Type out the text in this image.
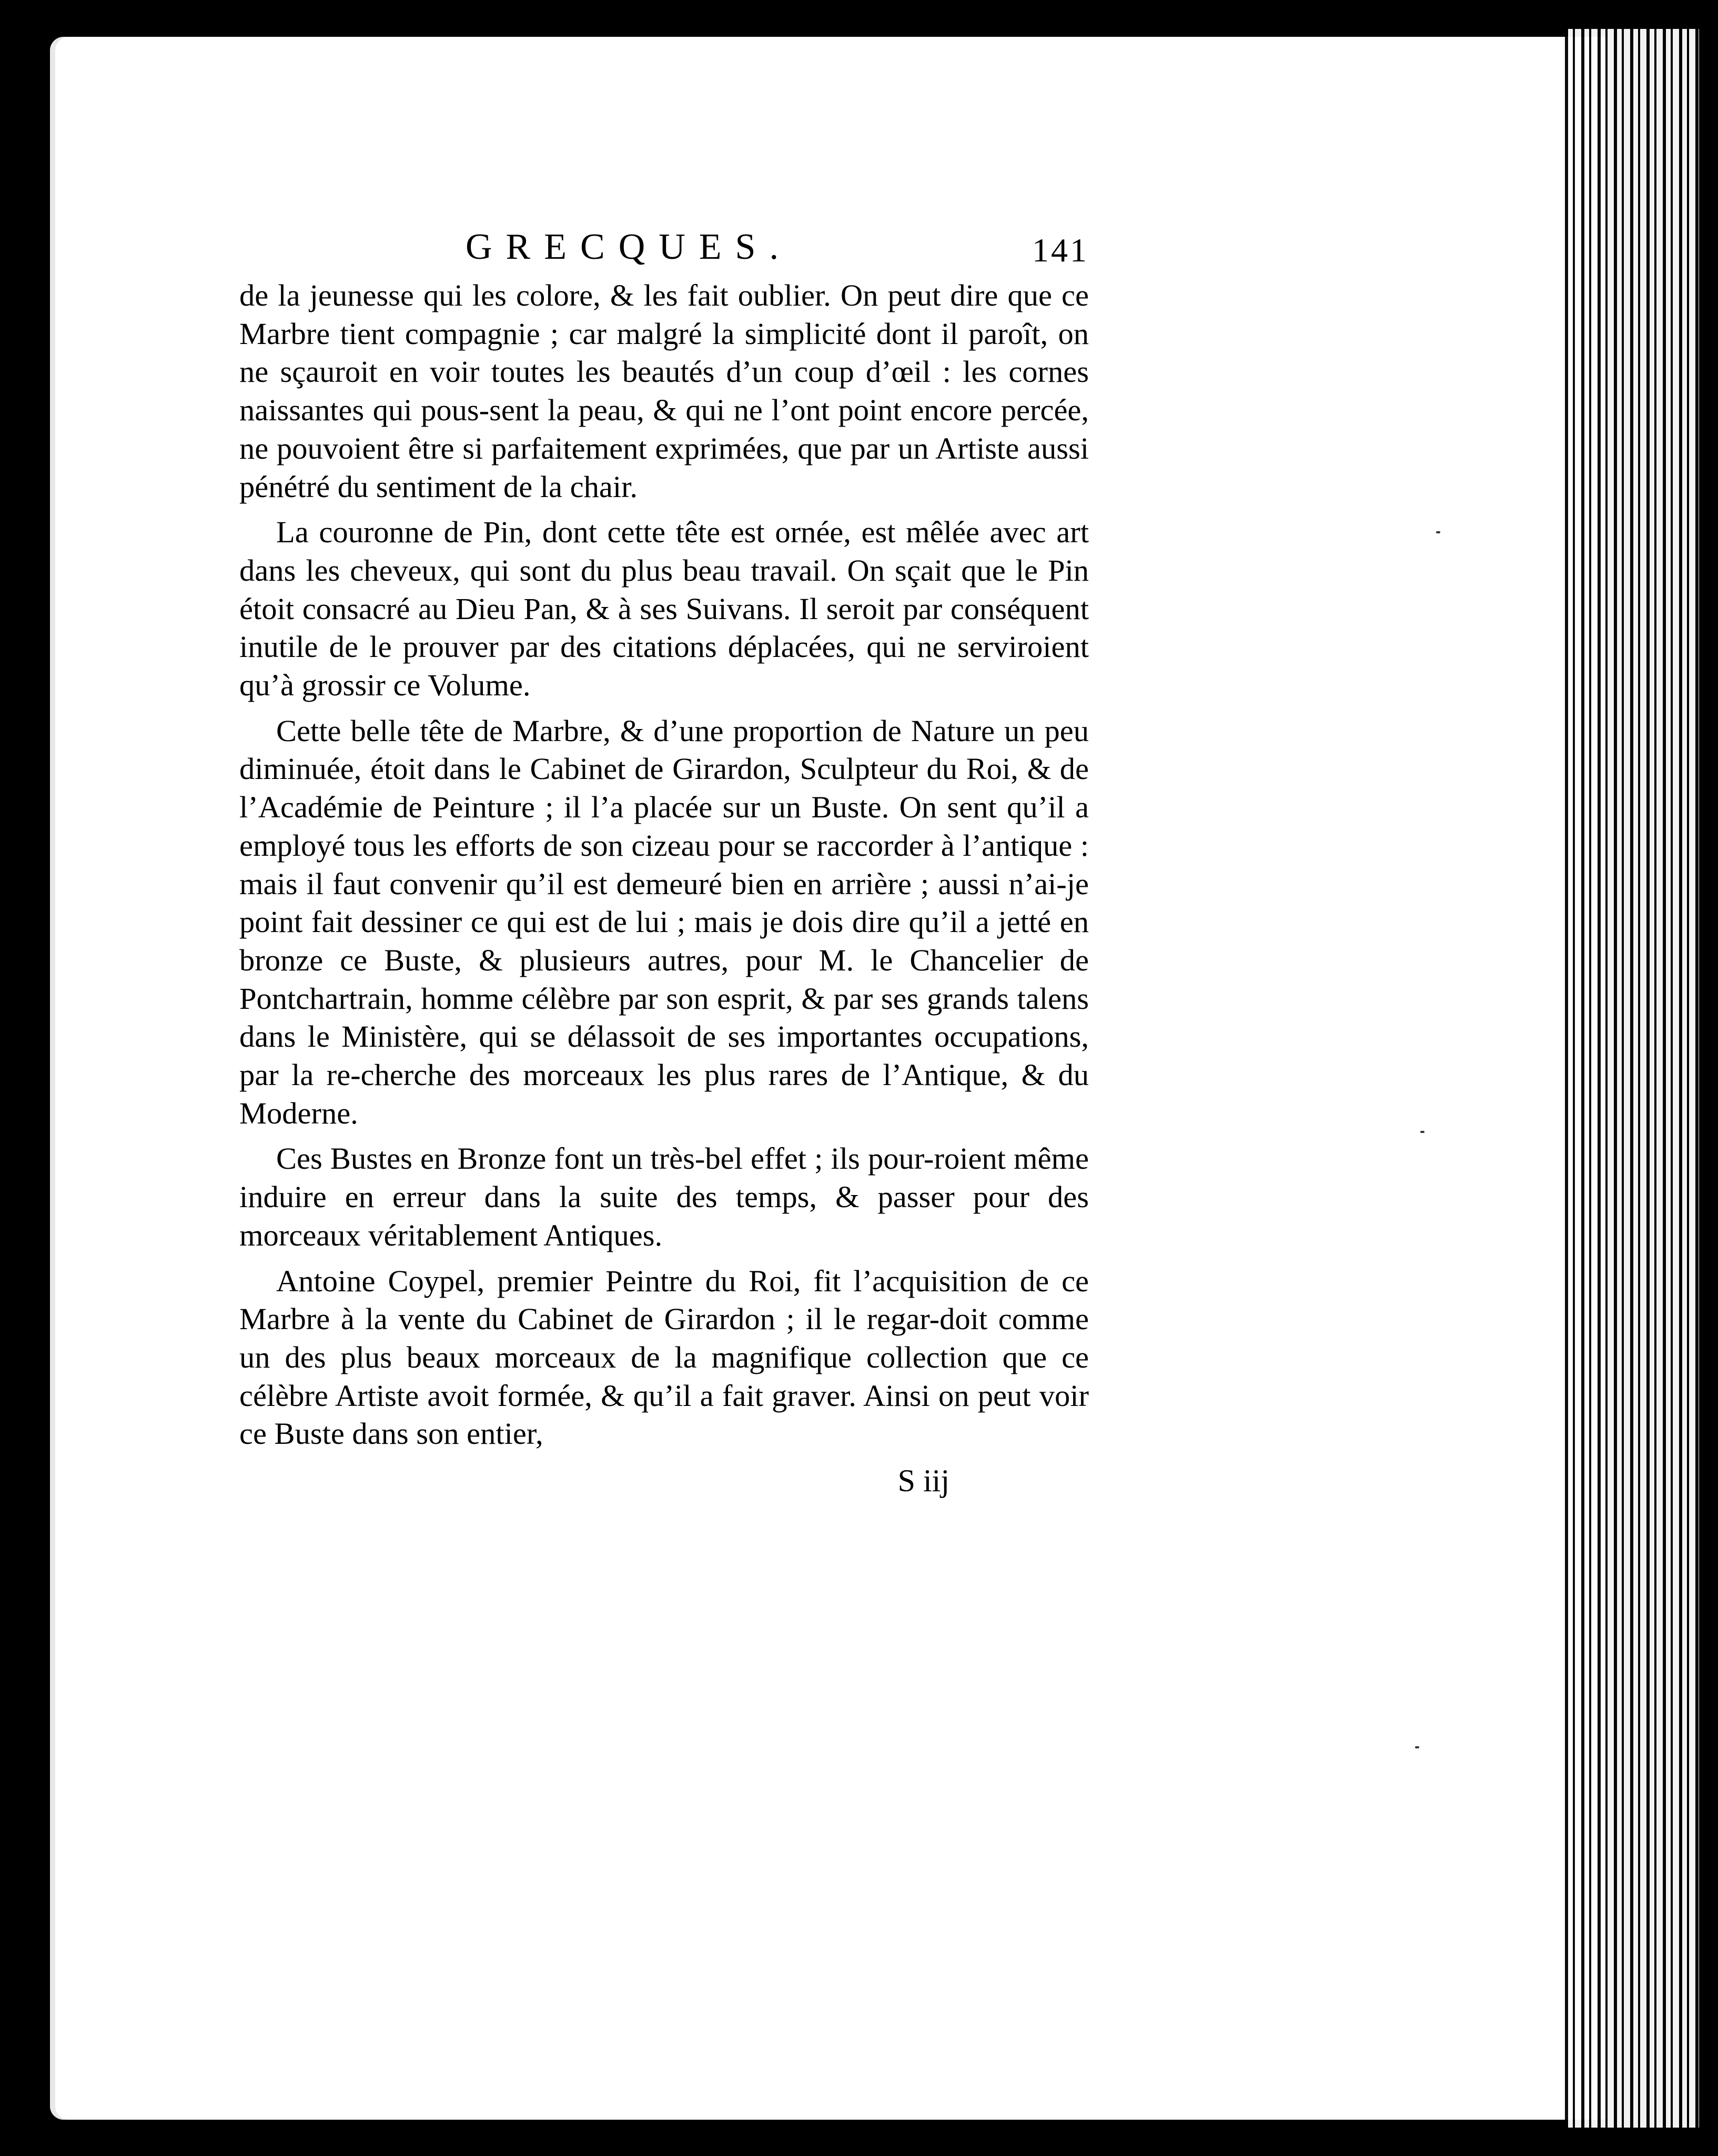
GRECQUES.	141

de la jeunesse qui les colore, & les fait oublier. On peut dire que ce Marbre tient compagnie ; car malgré la simplicité dont il paroît, on ne sçauroit en voir toutes les beautés d’un coup d’œil : les cornes naissantes qui pous-sent la peau, & qui ne l’ont point encore percée, ne pouvoient être si parfaitement exprimées, que par un Artiste aussi pénétré du sentiment de la chair.

La couronne de Pin, dont cette tête est ornée, est mêlée avec art dans les cheveux, qui sont du plus beau travail. On sçait que le Pin étoit consacré au Dieu Pan, & à ses Suivans. Il seroit par conséquent inutile de le prouver par des citations déplacées, qui ne serviroient qu’à grossir ce Volume.

Cette belle tête de Marbre, & d’une proportion de Nature un peu diminuée, étoit dans le Cabinet de Girardon, Sculpteur du Roi, & de l’Académie de Peinture ; il l’a placée sur un Buste. On sent qu’il a employé tous les efforts de son cizeau pour se raccorder à l’antique : mais il faut convenir qu’il est demeuré bien en arrière ; aussi n’ai-je point fait dessiner ce qui est de lui ; mais je dois dire qu’il a jetté en bronze ce Buste, & plusieurs autres, pour M. le Chancelier de Pontchartrain, homme célèbre par son esprit, & par ses grands talens dans le Ministère, qui se délassoit de ses importantes occupations, par la re-cherche des morceaux les plus rares de l’Antique, & du Moderne.

Ces Bustes en Bronze font un très-bel effet ; ils pour-roient même induire en erreur dans la suite des temps, & passer pour des morceaux véritablement Antiques.

Antoine Coypel, premier Peintre du Roi, fit l’acquisition de ce Marbre à la vente du Cabinet de Girardon ; il le regar-doit comme un des plus beaux morceaux de la magnifique collection que ce célèbre Artiste avoit formée, & qu’il a fait graver. Ainsi on peut voir ce Buste dans son entier,

S iij
